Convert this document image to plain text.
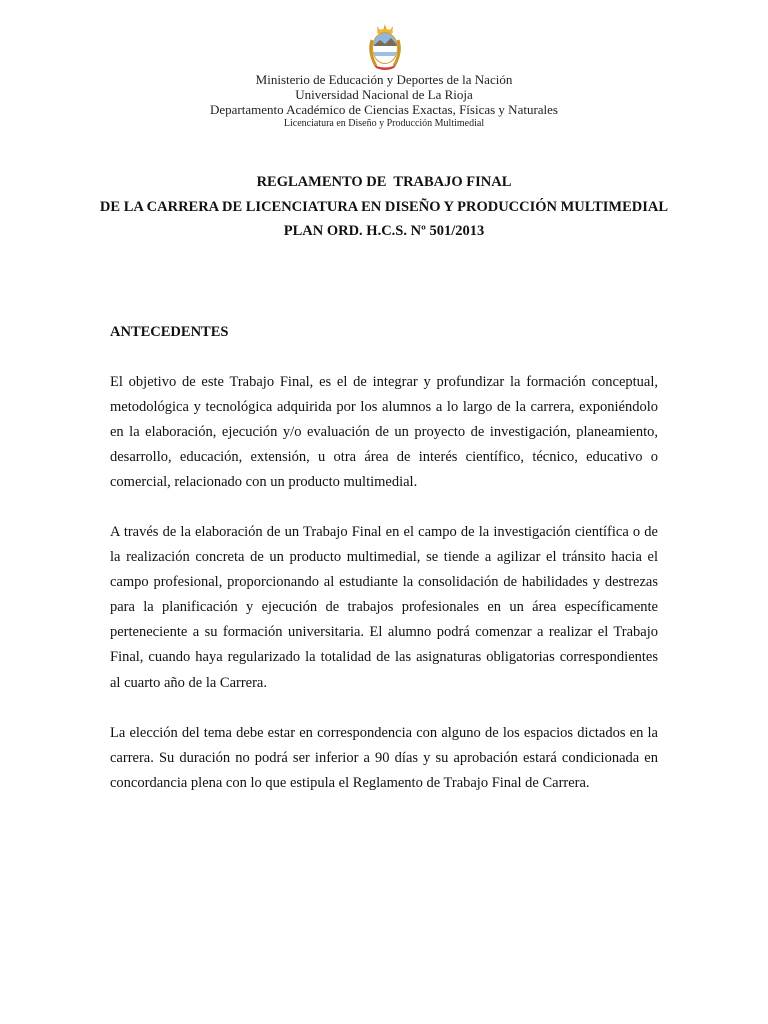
Ministerio de Educación y Deportes de la Nación
Universidad Nacional de La Rioja
Departamento Académico de Ciencias Exactas, Físicas y Naturales
Licenciatura en Diseño y Producción Multimedial
REGLAMENTO DE  TRABAJO FINAL
DE LA CARRERA DE LICENCIATURA EN DISEÑO Y PRODUCCIÓN MULTIMEDIAL
PLAN ORD. H.C.S. Nº 501/2013
ANTECEDENTES

El objetivo de este Trabajo Final, es el de integrar y profundizar la formación conceptual, metodológica y tecnológica adquirida por los alumnos a lo largo de la carrera, exponiéndolo en la elaboración, ejecución y/o evaluación de un proyecto de investigación, planeamiento, desarrollo, educación, extensión, u otra área de interés científico, técnico, educativo o comercial, relacionado con un producto multimedial.

A través de la elaboración de un Trabajo Final en el campo de la investigación científica o de la realización concreta de un producto multimedial, se tiende a agilizar el tránsito hacia el campo profesional, proporcionando al estudiante la consolidación de habilidades y destrezas para la planificación y ejecución de trabajos profesionales en un área específicamente perteneciente a su formación universitaria. El alumno podrá comenzar a realizar el Trabajo Final, cuando haya regularizado la totalidad de las asignaturas obligatorias correspondientes al cuarto año de la Carrera.

La elección del tema debe estar en correspondencia con alguno de los espacios dictados en la carrera. Su duración no podrá ser inferior a 90 días y su aprobación estará condicionada en concordancia plena con lo que estipula el Reglamento de Trabajo Final de Carrera.
